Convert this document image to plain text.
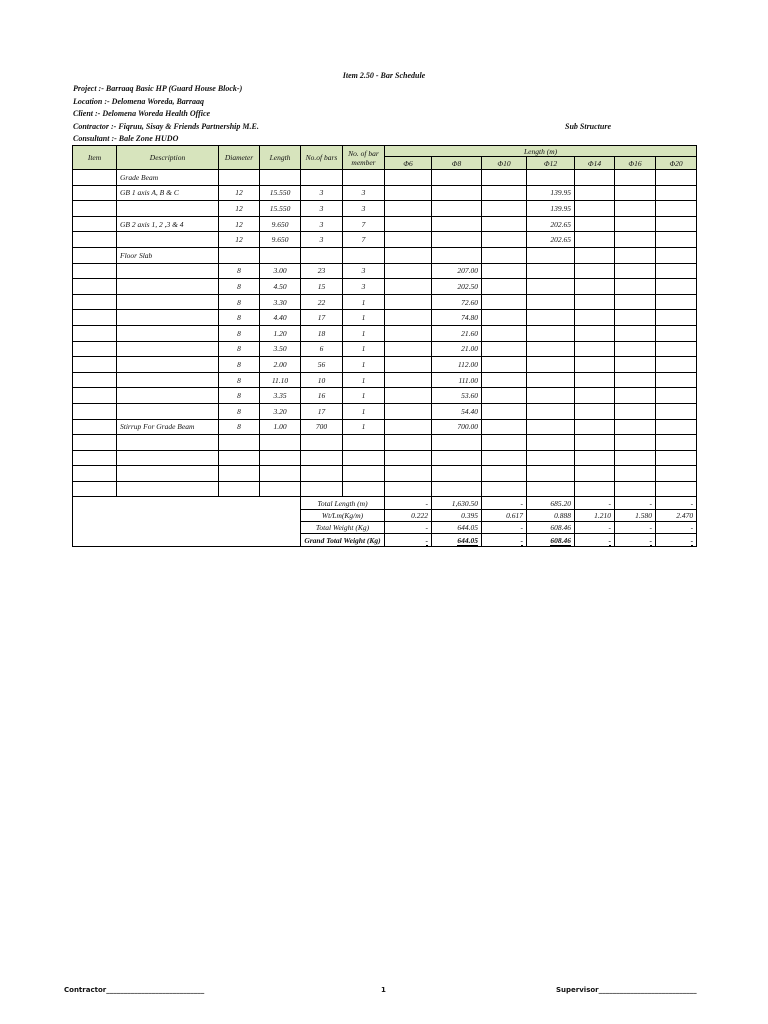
Item 2.50 - Bar Schedule
Project :- Barraaq Basic HP (Guard House Block-)
Location :- Delomena Woreda, Barraaq
Client :- Delomena Woreda Health Office
Contractor :- Fiqruu, Sisay & Friends Partnership M.E.
Consultant :- Bale Zone HUDO
Sub Structure
Item	Description	Diameter	Length	No.of bars	No. of bar member	Length (m)						
						Φ6	Φ8	Φ10	Φ12	Φ14	Φ16	Φ20
	Grade Beam											
	GB 1 axis A, B & C	12	15.550	3	3				139.95			
		12	15.550	3	3				139.95			
	GB 2 axis 1, 2 ,3 & 4	12	9.650	3	7				202.65			
		12	9.650	3	7				202.65			
	Floor Slab											
		8	3.00	23	3		207.00					
		8	4.50	15	3		202.50					
		8	3.30	22	1		72.60					
		8	4.40	17	1		74.80					
		8	1.20	18	1		21.60					
		8	3.50	6	1		21.00					
		8	2.00	56	1		112.00					
		8	11.10	10	1		111.00					
		8	3.35	16	1		53.60					
		8	3.20	17	1		54.40					
	Stirrup For Grade Beam	8	1.00	700	1		700.00					

				Total Length (m)		-	1,630.50	-	685.20	-	-	-
				Wt/Lm(Kg/m)		0.222	0.395	0.617	0.888	1.210	1.580	2.470
				Total Weight (Kg)		-	644.05	-	608.46	-	-	-
				Grand Total Weight (Kg)		-	644.05	-	608.46	-	-	-
Contractor____________________________	1	Supervisor____________________________
